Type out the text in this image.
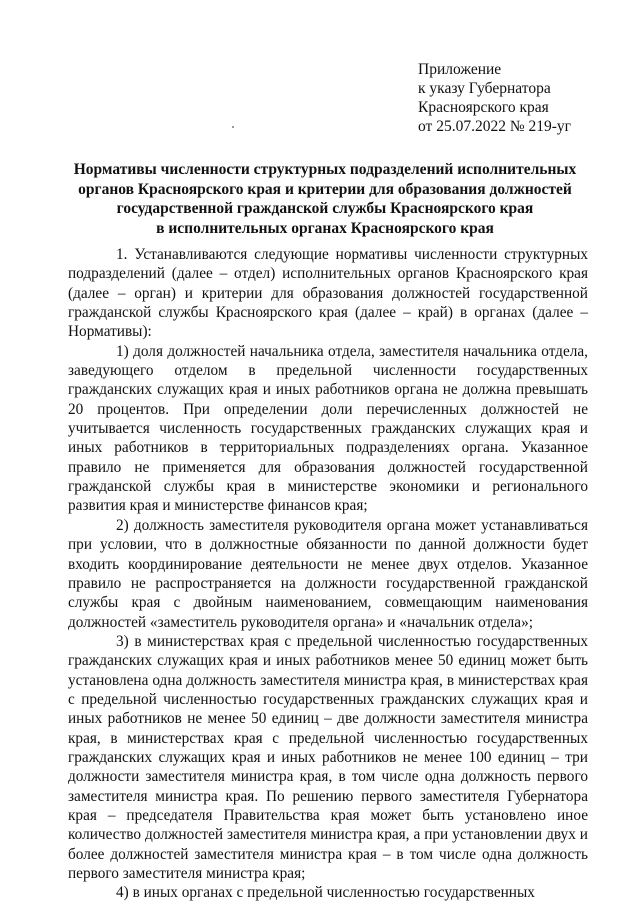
Приложение
к указу Губернатора
Красноярского края
от 25.07.2022 № 219-уг
Нормативы численности структурных подразделений исполнительных
органов Красноярского края и критерии для образования должностей
государственной гражданской службы Красноярского края
в исполнительных органах Красноярского края

1. Устанавливаются следующие нормативы численности структурных подразделений (далее – отдел) исполнительных органов Красноярского края (далее – орган) и критерии для образования должностей государственной гражданской службы Красноярского края (далее – край) в органах (далее – Нормативы):

1) доля должностей начальника отдела, заместителя начальника отдела, заведующего отделом в предельной численности государственных гражданских служащих края и иных работников органа не должна превышать 20 процентов. При определении доли перечисленных должностей не учитывается численность государственных гражданских служащих края и иных работников в территориальных подразделениях органа. Указанное правило не применяется для образования должностей государственной гражданской службы края в министерстве экономики и регионального развития края и министерстве финансов края;

2) должность заместителя руководителя органа может устанавливаться при условии, что в должностные обязанности по данной должности будет входить координирование деятельности не менее двух отделов. Указанное правило не распространяется на должности государственной гражданской службы края с двойным наименованием, совмещающим наименования должностей «заместитель руководителя органа» и «начальник отдела»;

3) в министерствах края с предельной численностью государственных гражданских служащих края и иных работников менее 50 единиц может быть установлена одна должность заместителя министра края, в министерствах края с предельной численностью государственных гражданских служащих края и иных работников не менее 50 единиц – две должности заместителя министра края, в министерствах края с предельной численностью государственных гражданских служащих края и иных работников не менее 100 единиц – три должности заместителя министра края, в том числе одна должность первого заместителя министра края. По решению первого заместителя Губернатора края – председателя Правительства края может быть установлено иное количество должностей заместителя министра края, а при установлении двух и более должностей заместителя министра края – в том числе одна должность первого заместителя министра края;

4) в иных органах с предельной численностью государственных
